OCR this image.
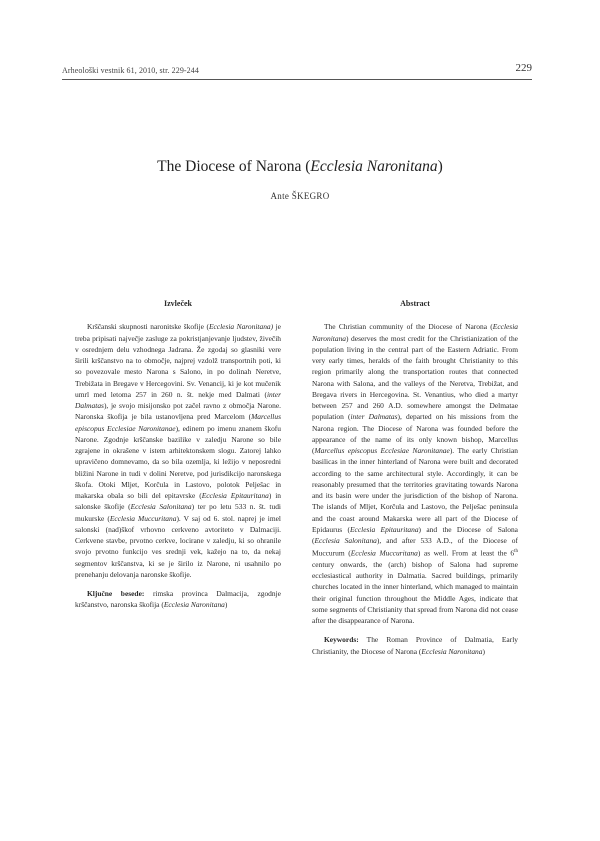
Arheološki vestnik 61, 2010, str. 229-244	229
The Diocese of Narona (Ecclesia Naronitana)
Ante ŠKEGRO
Izvleček

Krščanski skupnosti naronitske škofije (Ecclesia Naronitana) je treba pripisati največje zasluge za pokristjanjevanje ljudstev, živečih v osrednjem delu vzhodnega Jadrana. Že zgodaj so glasniki vere širili krščanstvo na to območje, najprej vzdolž transportnih poti, ki so povezovale mesto Narona s Salono, in po dolinah Neretve, Trebižata in Bregave v Hercegovini. Sv. Venancij, ki je kot mučenik umrl med letoma 257 in 260 n. št. nekje med Dalmati (inter Dalmatas), je svojo misijonsko pot začel ravno z območja Narone. Naronska škofija je bila ustanovljena pred Marcelom (Marcellus episcopus Ecclesiae Naronitanae), edinem po imenu znanem škofu Narone. Zgodnje krščanske bazilike v zaledju Narone so bile zgrajene in okrašene v istem arhitektonskem slogu. Zatorej lahko upravičeno domnevamo, da so bila ozemlja, ki ležijo v neposredni bližini Narone in tudi v dolini Neretve, pod jurisdikcijo naronskega škofa. Otoki Mljet, Korčula in Lastovo, polotok Pelješac in makarska obala so bili del epitavrske (Ecclesia Epitauritana) in salonske škofije (Ecclesia Salonitana) ter po letu 533 n. št. tudi mukurske (Ecclesia Muccuritana). V saj od 6. stol. naprej je imel salonski (nad)škof vrhovno cerkveno avtoriteto v Dalmaciji. Cerkvene stavbe, prvotno cerkve, locirane v zaledju, ki so ohranile svojo prvotno funkcijo ves srednji vek, kažejo na to, da nekaj segmentov krščanstva, ki se je širilo iz Narone, ni usahnilo po prenehanju delovanja naronske škofije.

Ključne besede: rimska provinca Dalmacija, zgodnje krščanstvo, naronska škofija (Ecclesia Naronitana)

Abstract

The Christian community of the Diocese of Narona (Ecclesia Naronitana) deserves the most credit for the Christianization of the population living in the central part of the Eastern Adriatic. From very early times, heralds of the faith brought Christianity to this region primarily along the transportation routes that connected Narona with Salona, and the valleys of the Neretva, Trebižat, and Bregava rivers in Hercegovina. St. Venantius, who died a martyr between 257 and 260 A.D. somewhere amongst the Delmatae population (inter Dalmatas), departed on his missions from the Narona region. The Diocese of Narona was founded before the appearance of the name of its only known bishop, Marcellus (Marcellus episcopus Ecclesiae Naronitanae). The early Christian basilicas in the inner hinterland of Narona were built and decorated according to the same architectural style. Accordingly, it can be reasonably presumed that the territories gravitating towards Narona and its basin were under the jurisdiction of the bishop of Narona. The islands of Mljet, Korčula and Lastovo, the Pelješac peninsula and the coast around Makarska were all part of the Diocese of Epidaurus (Ecclesia Epitauritana) and the Diocese of Salona (Ecclesia Salonitana), and after 533 A.D., of the Diocese of Muccurum (Ecclesia Muccuritana) as well. From at least the 6th century onwards, the (arch) bishop of Salona had supreme ecclesiastical authority in Dalmatia. Sacred buildings, primarily churches located in the inner hinterland, which managed to maintain their original function throughout the Middle Ages, indicate that some segments of Christianity that spread from Narona did not cease after the disappearance of Narona.

Keywords: The Roman Province of Dalmatia, Early Christianity, the Diocese of Narona (Ecclesia Naronitana)
